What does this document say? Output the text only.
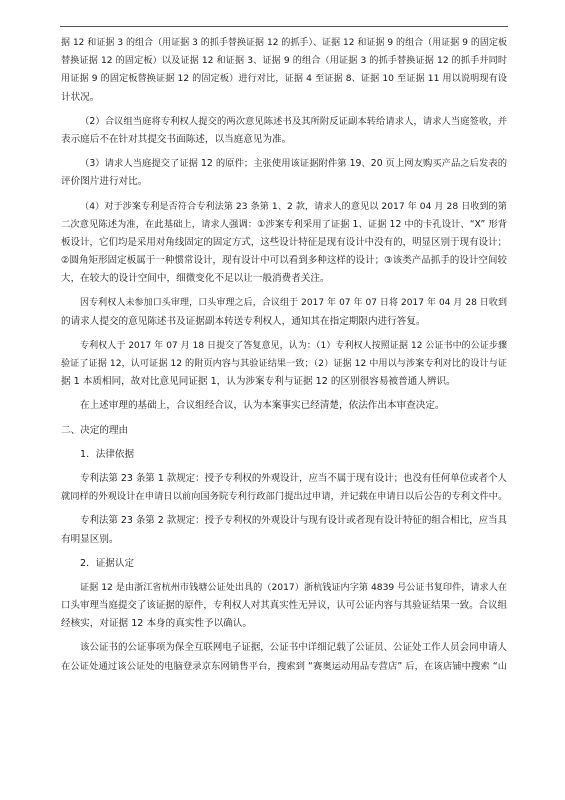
据 12 和证据 3 的组合（用证据 3 的抓手替换证据 12 的抓手）、证据 12 和证据 9 的组合（用证据 9 的固定板
替换证据 12 的固定板）以及证据 12 和证据 3、证据 9 的组合（用证据 3 的抓手替换证据 12 的抓手并同时
用证据 9 的固定板替换证据 12 的固定板）进行对比，证据 4 至证据 8、证据 10 至证据 11 用以说明现有设
计状况。
（2）合议组当庭将专利权人提交的两次意见陈述书及其所附反证副本转给请求人，请求人当庭签收，并
表示庭后不在针对其提交书面陈述，以当庭意见为准。
（3）请求人当庭提交了证据 12 的原件；主张使用该证据附件第 19、20 页上网友购买产品之后发表的
评价图片进行对比。
（4）对于涉案专利是否符合专利法第 23 条第 1、2 款，请求人的意见以 2017 年 04 月 28 日收到的第
二次意见陈述为准，在此基础上，请求人强调：①涉案专利采用了证据 1、证据 12 中的卡孔设计、“X” 形背
板设计，它们均是采用对角线固定的固定方式，这些设计特征是现有设计中没有的，明显区别于现有设计；
②圆角矩形固定板属于一种惯常设计，现有设计中可以看到多种这样的设计；③该类产品抓手的设计空间较
大，在较大的设计空间中，细微变化不足以让一般消费者关注。
因专利权人未参加口头审理，口头审理之后，合议组于 2017 年 07 年 07 日将 2017 年 04 月 28 日收到
的请求人提交的意见陈述书及证据副本转送专利权人，通知其在指定期限内进行答复。
专利权人于 2017 年 07 月 18 日提交了答复意见，认为：（1）专利权人按照证据 12 公证书中的公证步骤
验证了证据 12，认可证据 12 的附页内容与其验证结果一致；（2）证据 12 中用以与涉案专利对比的设计与证
据 1 本质相同，故对比意见同证据 1，认为涉案专利与证据 12 的区别很容易被普通人辨识。
在上述审理的基础上，合议组经合议，认为本案事实已经清楚，依法作出本审查决定。
二、决定的理由
1．法律依据
专利法第 23 条第 1 款规定：授予专利权的外观设计，应当不属于现有设计；也没有任何单位或者个人
就同样的外观设计在申请日以前向国务院专利行政部门提出过申请，并记载在申请日以后公告的专利文件中。
专利法第 23 条第 2 款规定：授予专利权的外观设计与现有设计或者现有设计特征的组合相比，应当具
有明显区别。
2．证据认定
证据 12 是由浙江省杭州市钱塘公证处出具的（2017）浙杭钱证内字第 4839 号公证书复印件，请求人在
口头审理当庭提交了该证据的原件，专利权人对其真实性无异议，认可公证内容与其验证结果一致。合议组
经核实，对证据 12 本身的真实性予以确认。
该公证书的公证事项为保全互联网电子证据，公证书中详细记载了公证员、公证处工作人员会同申请人
在公证处通过该公证处的电脑登录京东网销售平台，搜索到 “赛奥运动用品专营店” 后，在该店铺中搜索 “山
